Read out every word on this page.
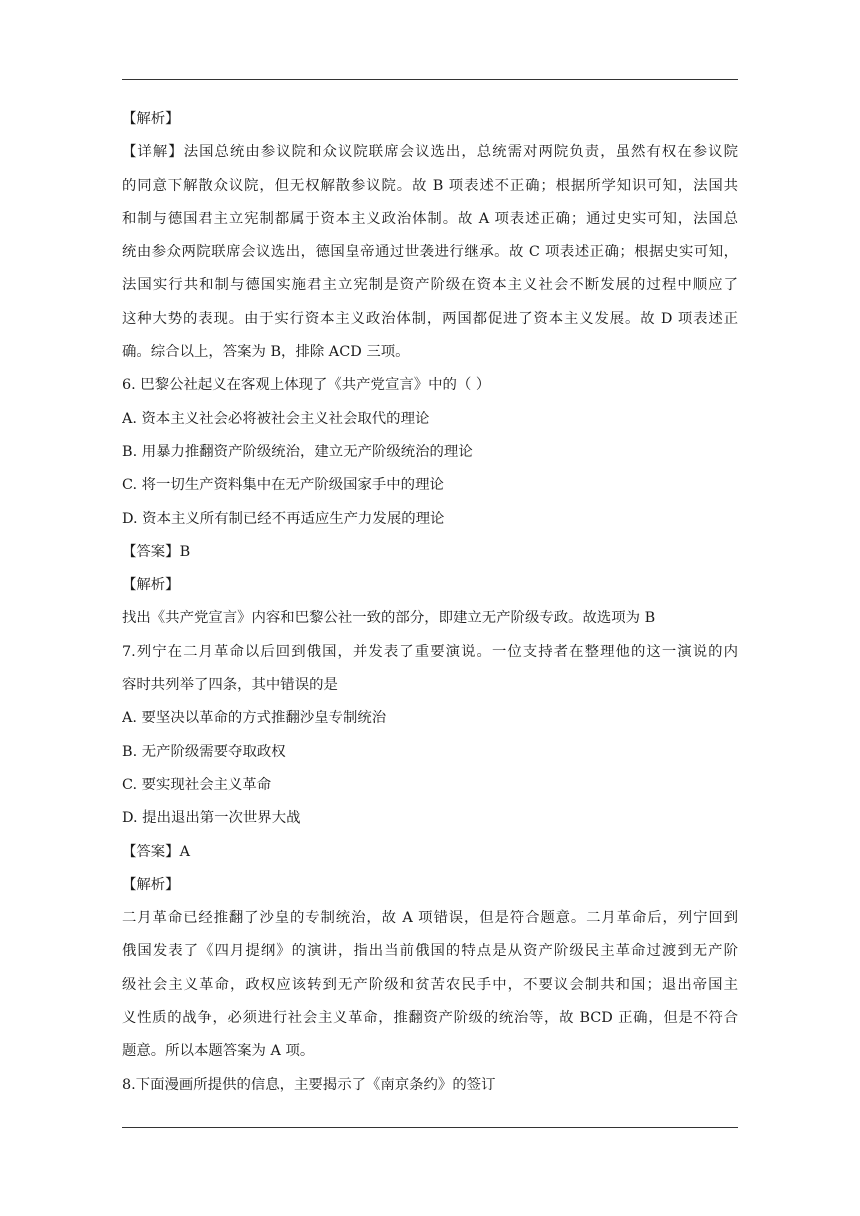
【解析】
【详解】法国总统由参议院和众议院联席会议选出，总统需对两院负责，虽然有权在参议院
的同意下解散众议院，但无权解散参议院。故 B 项表述不正确；根据所学知识可知，法国共
和制与德国君主立宪制都属于资本主义政治体制。故 A 项表述正确；通过史实可知，法国总
统由参众两院联席会议选出，德国皇帝通过世袭进行继承。故 C 项表述正确；根据史实可知，
法国实行共和制与德国实施君主立宪制是资产阶级在资本主义社会不断发展的过程中顺应了
这种大势的表现。由于实行资本主义政治体制，两国都促进了资本主义发展。故 D 项表述正
确。综合以上，答案为 B，排除 ACD 三项。
6. 巴黎公社起义在客观上体现了《共产党宣言》中的（ ）
A. 资本主义社会必将被社会主义社会取代的理论
B. 用暴力推翻资产阶级统治，建立无产阶级统治的理论
C. 将一切生产资料集中在无产阶级国家手中的理论
D. 资本主义所有制已经不再适应生产力发展的理论
【答案】B
【解析】
找出《共产党宣言》内容和巴黎公社一致的部分，即建立无产阶级专政。故选项为 B
7.列宁在二月革命以后回到俄国，并发表了重要演说。一位支持者在整理他的这一演说的内
容时共列举了四条，其中错误的是
A. 要坚决以革命的方式推翻沙皇专制统治
B. 无产阶级需要夺取政权
C. 要实现社会主义革命
D. 提出退出第一次世界大战
【答案】A
【解析】
二月革命已经推翻了沙皇的专制统治，故 A 项错误，但是符合题意。二月革命后，列宁回到
俄国发表了《四月提纲》的演讲，指出当前俄国的特点是从资产阶级民主革命过渡到无产阶
级社会主义革命，政权应该转到无产阶级和贫苦农民手中，不要议会制共和国；退出帝国主
义性质的战争，必须进行社会主义革命，推翻资产阶级的统治等，故 BCD 正确，但是不符合
题意。所以本题答案为 A 项。
8.下面漫画所提供的信息，主要揭示了《南京条约》的签订
